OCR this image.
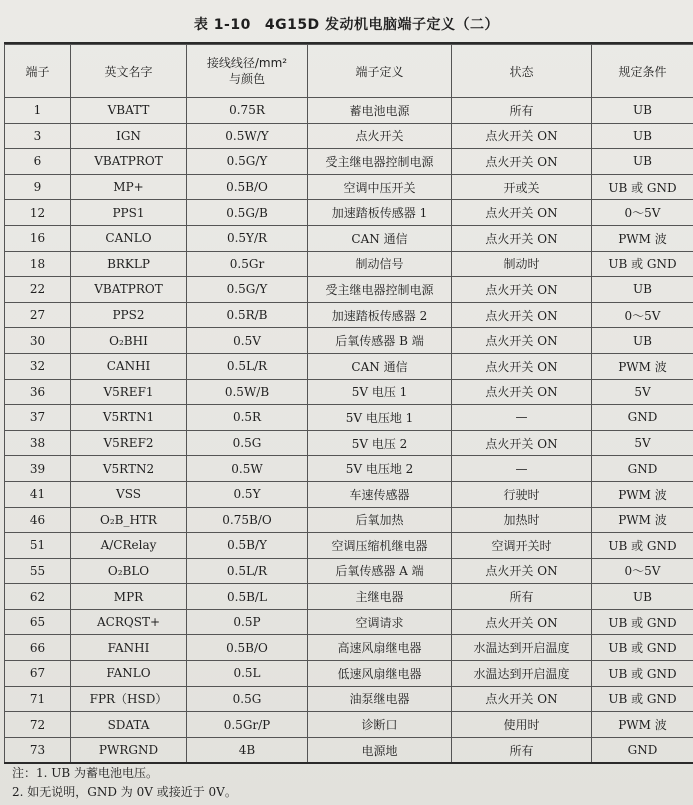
表 1-10 4G15D 发动机电脑端子定义（二）
端子	英文名字	接线线径/mm²
与颜色	端子定义	状态	规定条件
1	VBATT	0.75R	蓄电池电源	所有	UB
3	IGN	0.5W/Y	点火开关	点火开关 ON	UB
6	VBATPROT	0.5G/Y	受主继电器控制电源	点火开关 ON	UB
9	MP+	0.5B/O	空调中压开关	开或关	UB 或 GND
12	PPS1	0.5G/B	加速踏板传感器 1	点火开关 ON	0～5V
16	CANLO	0.5Y/R	CAN 通信	点火开关 ON	PWM 波
18	BRKLP	0.5Gr	制动信号	制动时	UB 或 GND
22	VBATPROT	0.5G/Y	受主继电器控制电源	点火开关 ON	UB
27	PPS2	0.5R/B	加速踏板传感器 2	点火开关 ON	0～5V
30	O₂BHI	0.5V	后氧传感器 B 端	点火开关 ON	UB
32	CANHI	0.5L/R	CAN 通信	点火开关 ON	PWM 波
36	V5REF1	0.5W/B	5V 电压 1	点火开关 ON	5V
37	V5RTN1	0.5R	5V 电压地 1	—	GND
38	V5REF2	0.5G	5V 电压 2	点火开关 ON	5V
39	V5RTN2	0.5W	5V 电压地 2	—	GND
41	VSS	0.5Y	车速传感器	行驶时	PWM 波
46	O₂B_HTR	0.75B/O	后氧加热	加热时	PWM 波
51	A/CRelay	0.5B/Y	空调压缩机继电器	空调开关时	UB 或 GND
55	O₂BLO	0.5L/R	后氧传感器 A 端	点火开关 ON	0～5V
62	MPR	0.5B/L	主继电器	所有	UB
65	ACRQST+	0.5P	空调请求	点火开关 ON	UB 或 GND
66	FANHI	0.5B/O	高速风扇继电器	水温达到开启温度	UB 或 GND
67	FANLO	0.5L	低速风扇继电器	水温达到开启温度	UB 或 GND
71	FPR（HSD）	0.5G	油泵继电器	点火开关 ON	UB 或 GND
72	SDATA	0.5Gr/P	诊断口	使用时	PWM 波
73	PWRGND	4B	电源地	所有	GND
注：1. UB 为蓄电池电压。
2. 如无说明，GND 为 0V 或接近于 0V。
